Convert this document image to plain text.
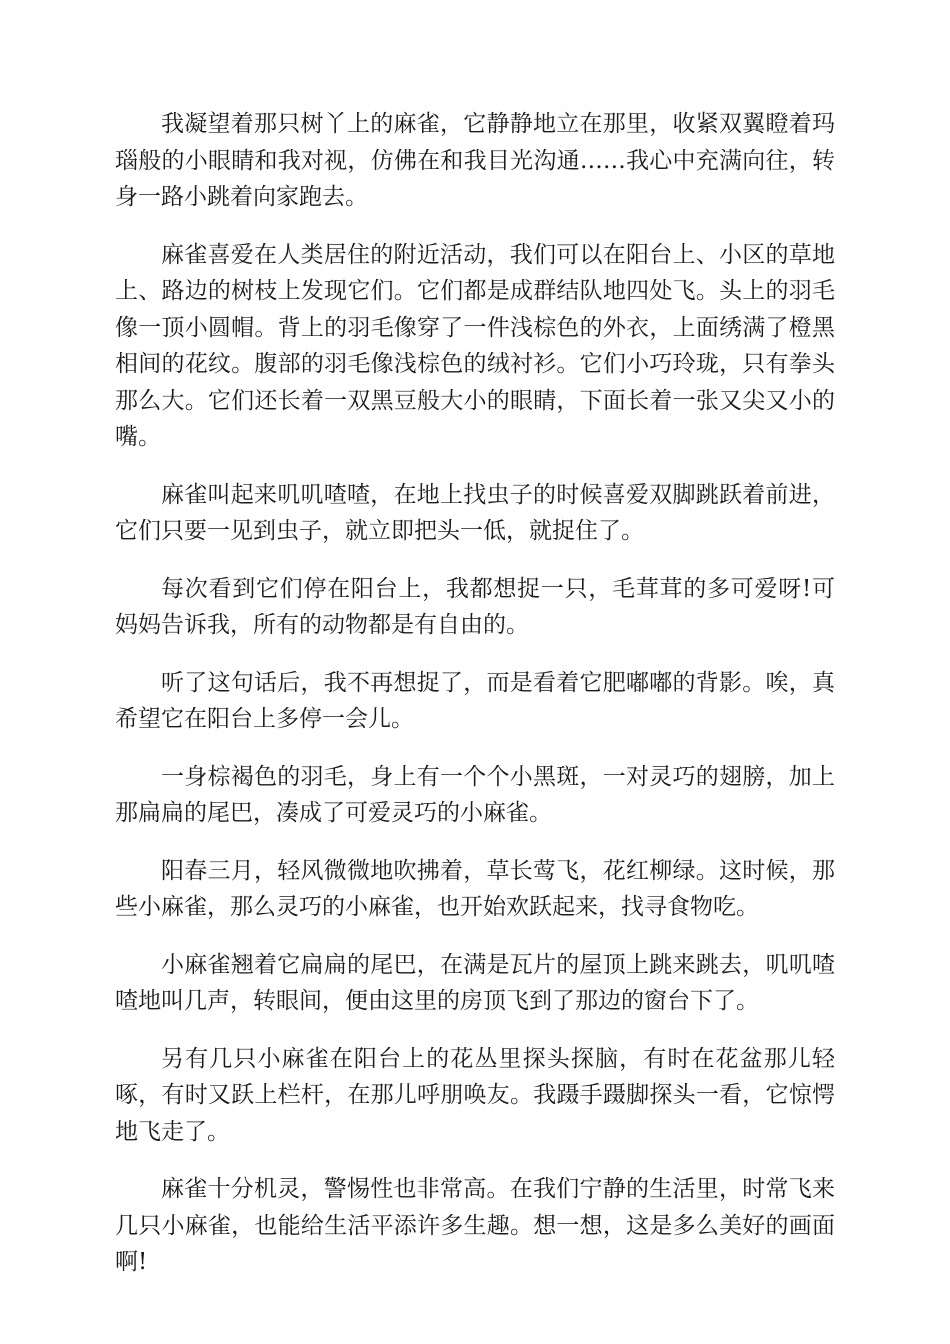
我凝望着那只树丫上的麻雀，它静静地立在那里，收紧双翼瞪着玛瑙般的小眼睛和我对视，仿佛在和我目光沟通……我心中充满向往，转身一路小跳着向家跑去。

麻雀喜爱在人类居住的附近活动，我们可以在阳台上、小区的草地上、路边的树枝上发现它们。它们都是成群结队地四处飞。头上的羽毛像一顶小圆帽。背上的羽毛像穿了一件浅棕色的外衣，上面绣满了橙黑相间的花纹。腹部的羽毛像浅棕色的绒衬衫。它们小巧玲珑，只有拳头那么大。它们还长着一双黑豆般大小的眼睛，下面长着一张又尖又小的嘴。

麻雀叫起来叽叽喳喳，在地上找虫子的时候喜爱双脚跳跃着前进，它们只要一见到虫子，就立即把头一低，就捉住了。

每次看到它们停在阳台上，我都想捉一只，毛茸茸的多可爱呀!可妈妈告诉我，所有的动物都是有自由的。

听了这句话后，我不再想捉了，而是看着它肥嘟嘟的背影。唉，真希望它在阳台上多停一会儿。

一身棕褐色的羽毛，身上有一个个小黑斑，一对灵巧的翅膀，加上那扁扁的尾巴，凑成了可爱灵巧的小麻雀。

阳春三月，轻风微微地吹拂着，草长莺飞，花红柳绿。这时候，那些小麻雀，那么灵巧的小麻雀，也开始欢跃起来，找寻食物吃。

小麻雀翘着它扁扁的尾巴，在满是瓦片的屋顶上跳来跳去，叽叽喳喳地叫几声，转眼间，便由这里的房顶飞到了那边的窗台下了。

另有几只小麻雀在阳台上的花丛里探头探脑，有时在花盆那儿轻啄，有时又跃上栏杆，在那儿呼朋唤友。我蹑手蹑脚探头一看，它惊愕地飞走了。

麻雀十分机灵，警惕性也非常高。在我们宁静的生活里，时常飞来几只小麻雀，也能给生活平添许多生趣。想一想，这是多么美好的画面啊!
